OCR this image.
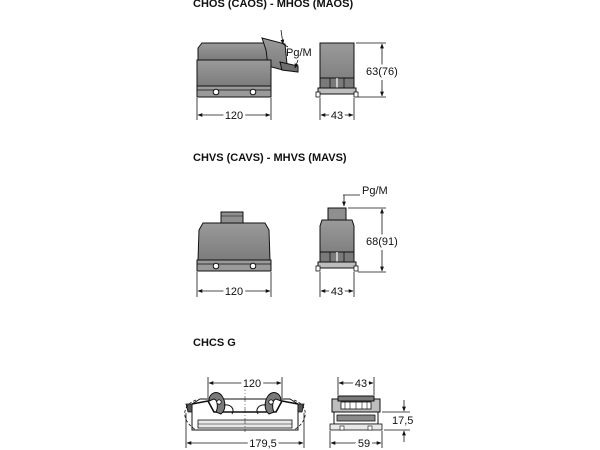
CHOS (CAOS) - MHOS (MAOS)
CHVS (CAVS) - MHVS (MAVS)
CHCS G
Pg/M
120	43
63(76)
Pg/M
120	43
68(91)
120
179,5
43
59
17,5
